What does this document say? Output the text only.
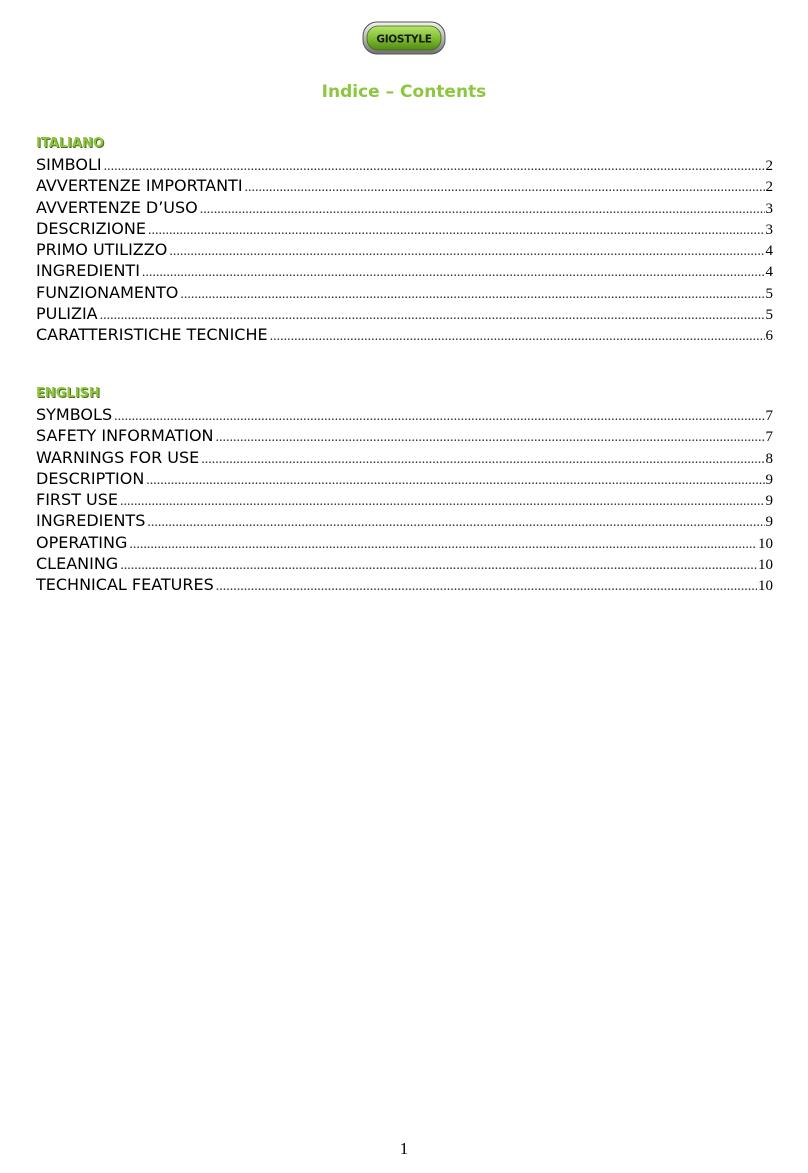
GIOSTYLE
Indice – Contents
ITALIANO
SIMBOLI .....	2
AVVERTENZE IMPORTANTI .....	2
AVVERTENZE D’USO .....	3
DESCRIZIONE .....	3
PRIMO UTILIZZO .....	4
INGREDIENTI .....	4
FUNZIONAMENTO .....	5
PULIZIA .....	5
CARATTERISTICHE TECNICHE .....	6
ENGLISH
SYMBOLS .....	7
SAFETY INFORMATION .....	7
WARNINGS FOR USE .....	8
DESCRIPTION .....	9
FIRST USE .....	9
INGREDIENTS .....	9
OPERATING .....	10
CLEANING .....	10
TECHNICAL FEATURES .....	10
1
